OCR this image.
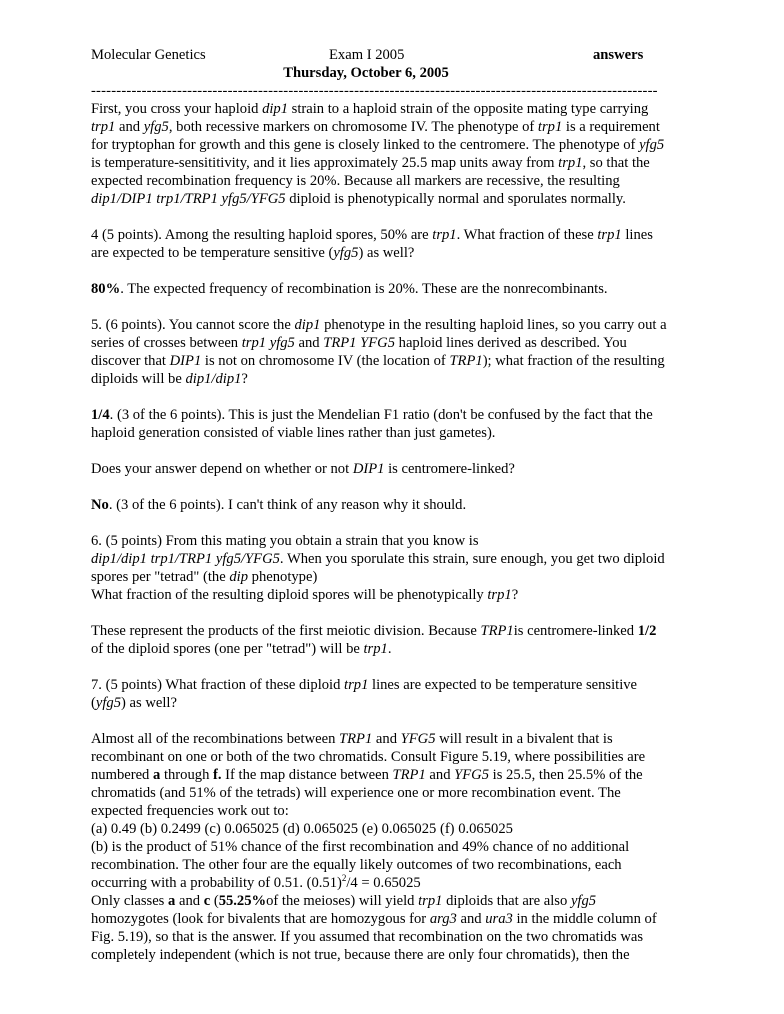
Molecular Genetics	Exam I 2005	answers
Thursday, October 6, 2005
----------------------------------------------------------------------------------------------------------------

First, you cross your haploid dip1 strain to a haploid strain of the opposite mating type carrying trp1 and yfg5, both recessive markers on chromosome IV. The phenotype of trp1 is a requirement for tryptophan for growth and this gene is closely linked to the centromere. The phenotype of yfg5 is temperature-sensititivity, and it lies approximately 25.5 map units away from trp1, so that the expected recombination frequency is 20%. Because all markers are recessive, the resulting dip1/DIP1 trp1/TRP1 yfg5/YFG5 diploid is phenotypically normal and sporulates normally.

4 (5 points). Among the resulting haploid spores, 50% are trp1. What fraction of these trp1 lines are expected to be temperature sensitive (yfg5) as well?

80%. The expected frequency of recombination is 20%. These are the nonrecombinants.

5. (6 points). You cannot score the dip1 phenotype in the resulting haploid lines, so you carry out a series of crosses between trp1 yfg5 and TRP1 YFG5 haploid lines derived as described. You discover that DIP1 is not on chromosome IV (the location of TRP1); what fraction of the resulting diploids will be dip1/dip1?

1/4. (3 of the 6 points). This is just the Mendelian F1 ratio (don't be confused by the fact that the haploid generation consisted of viable lines rather than just gametes).

Does your answer depend on whether or not DIP1 is centromere-linked?

No. (3 of the 6 points). I can't think of any reason why it should.

6. (5 points) From this mating you obtain a strain that you know is
dip1/dip1 trp1/TRP1 yfg5/YFG5. When you sporulate this strain, sure enough, you get two diploid spores per "tetrad" (the dip phenotype)
What fraction of the resulting diploid spores will be phenotypically trp1?

These represent the products of the first meiotic division. Because TRP1is centromere-linked 1/2 of the diploid spores (one per "tetrad") will be trp1.

7. (5 points) What fraction of these diploid trp1 lines are expected to be temperature sensitive (yfg5) as well?

Almost all of the recombinations between TRP1 and YFG5 will result in a bivalent that is recombinant on one or both of the two chromatids. Consult Figure 5.19, where possibilities are numbered a through f. If the map distance between TRP1 and YFG5 is 25.5, then 25.5% of the chromatids (and 51% of the tetrads) will experience one or more recombination event. The expected frequencies work out to:
(a) 0.49 (b) 0.2499 (c) 0.065025 (d) 0.065025 (e) 0.065025 (f) 0.065025
(b) is the product of 51% chance of the first recombination and 49% chance of no additional recombination. The other four are the equally likely outcomes of two recombinations, each occurring with a probability of 0.51. $(0.51)^2/4 = 0.65025$
Only classes a and c (55.25%of the meioses) will yield trp1 diploids that are also yfg5 homozygotes (look for bivalents that are homozygous for arg3 and ura3 in the middle column of Fig. 5.19), so that is the answer. If you assumed that recombination on the two chromatids was completely independent (which is not true, because there are only four chromatids), then the
